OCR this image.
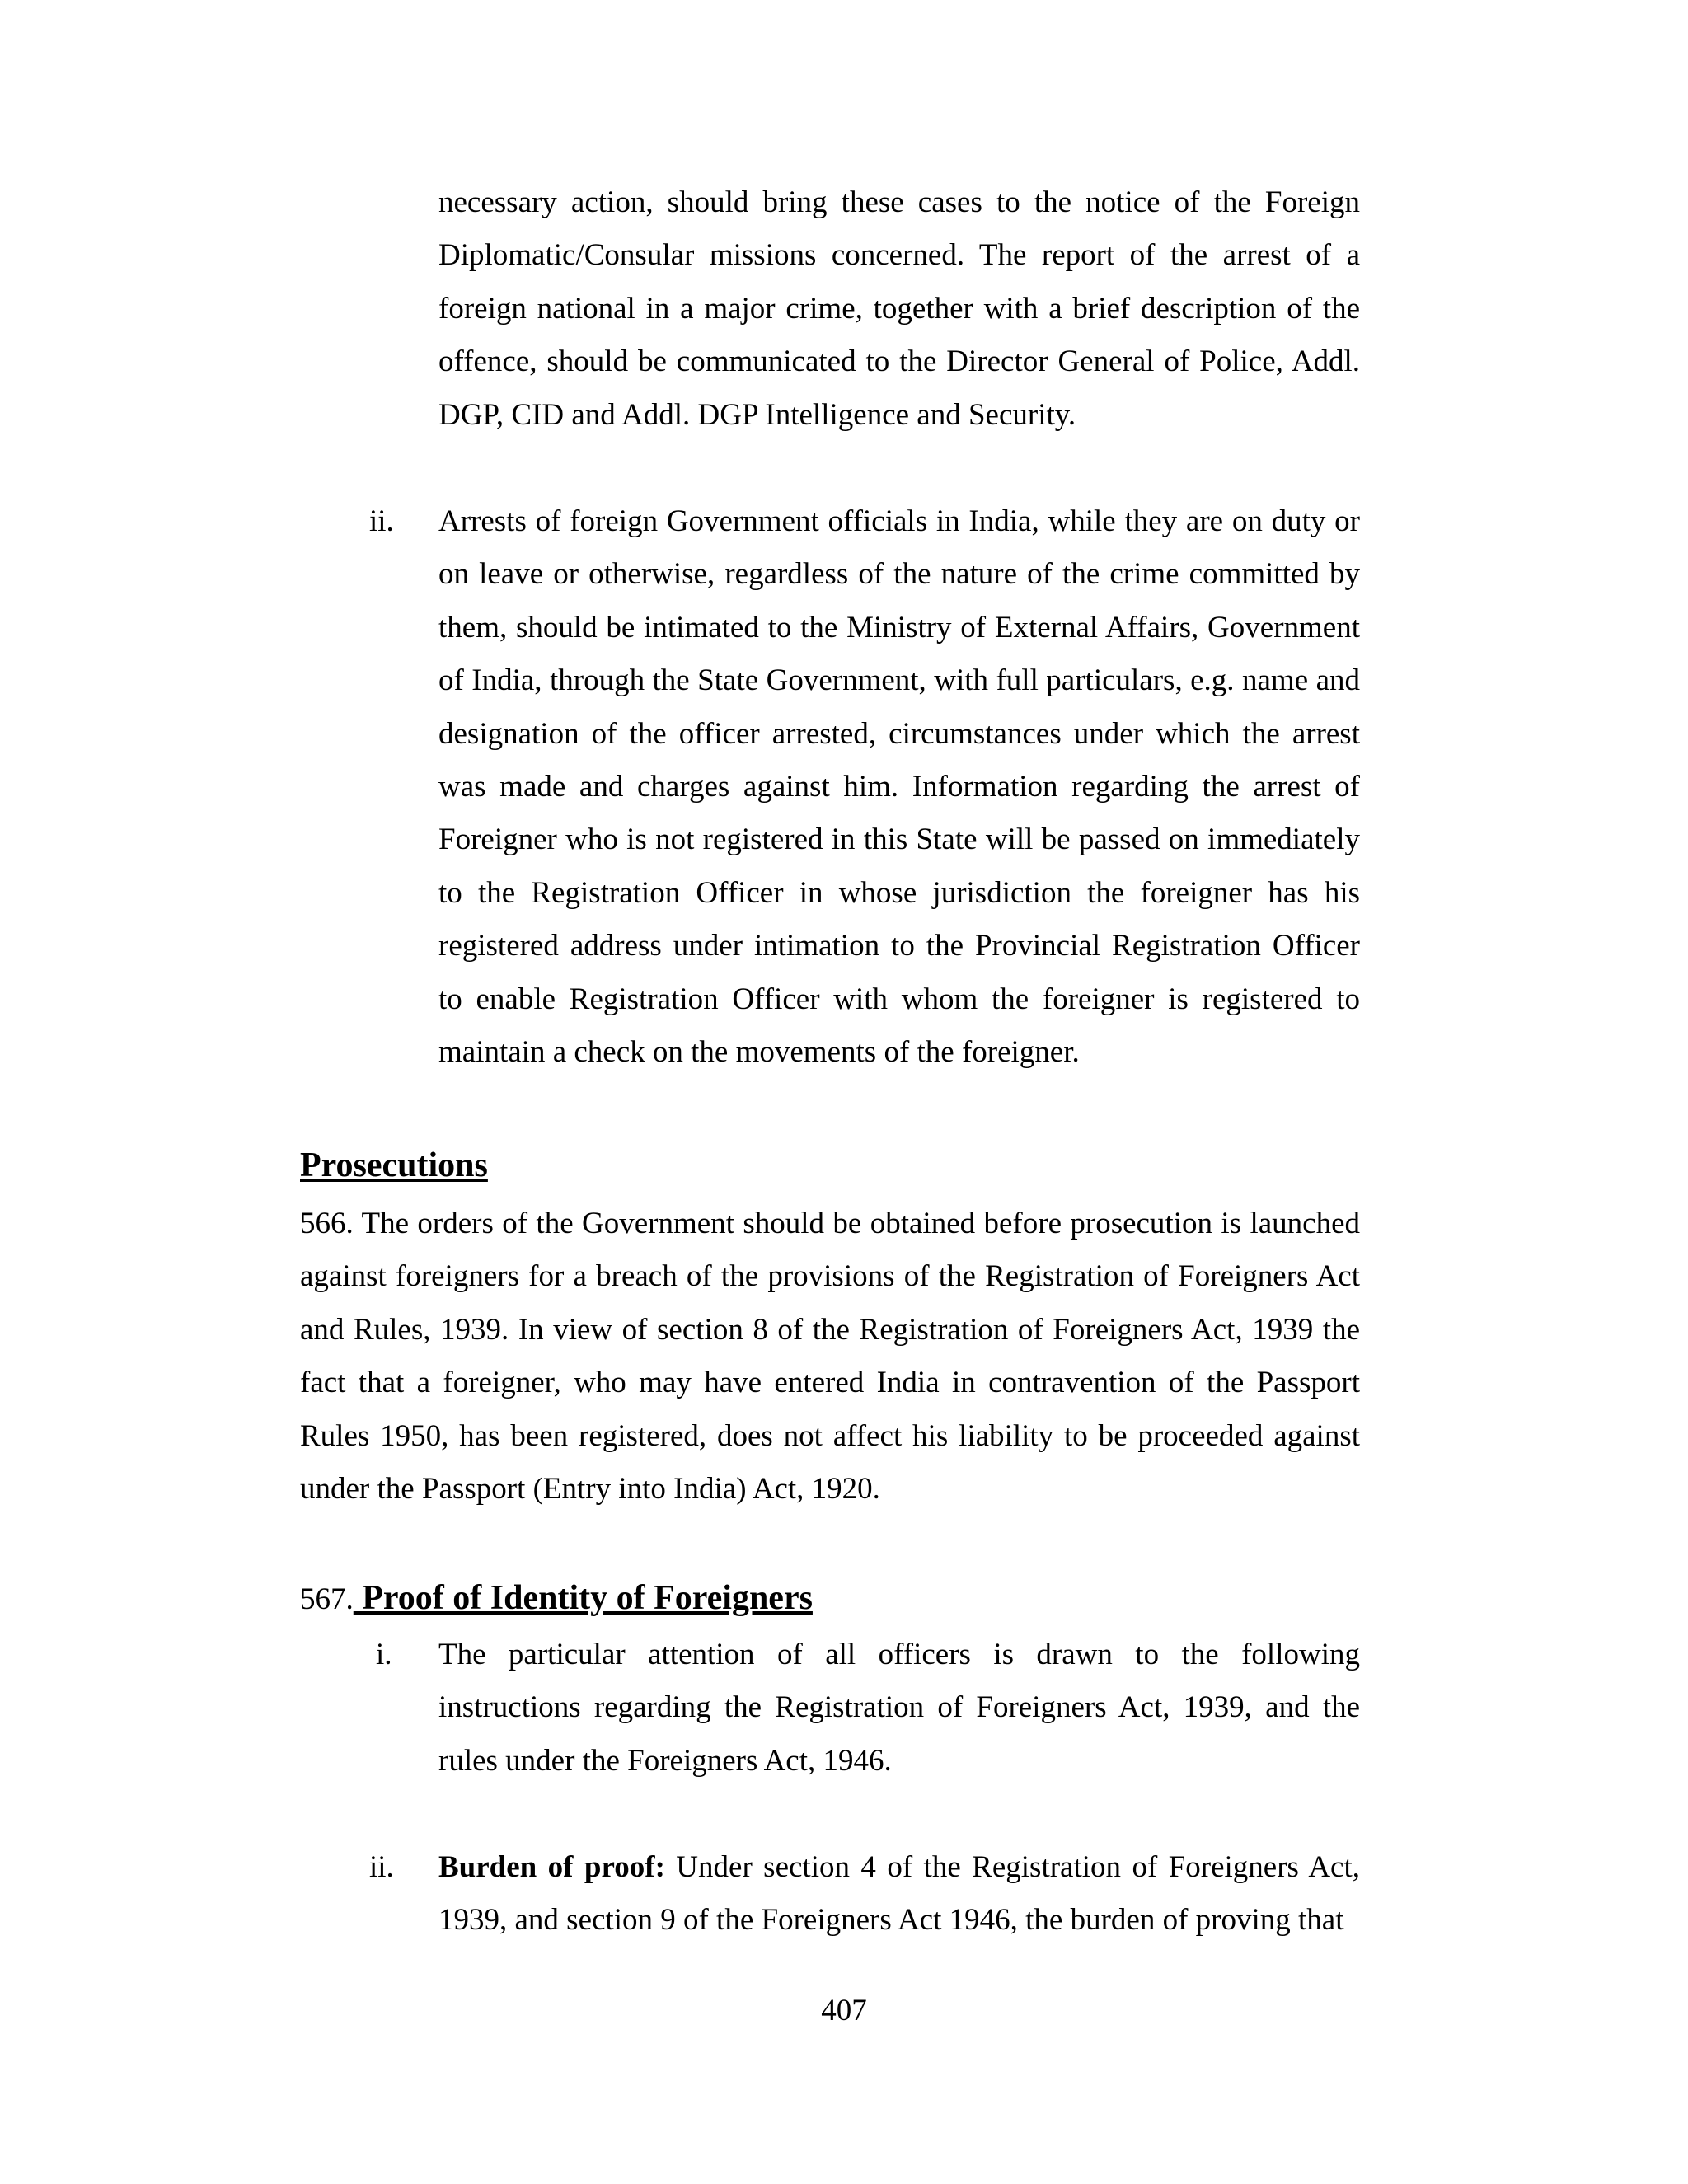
necessary action, should bring these cases to the notice of the Foreign Diplomatic/Consular missions concerned. The report of the arrest of a foreign national in a major crime, together with a brief description of the offence, should be communicated to the Director General of Police, Addl. DGP, CID and Addl. DGP Intelligence and Security.
ii. Arrests of foreign Government officials in India, while they are on duty or on leave or otherwise, regardless of the nature of the crime committed by them, should be intimated to the Ministry of External Affairs, Government of India, through the State Government, with full particulars, e.g. name and designation of the officer arrested, circumstances under which the arrest was made and charges against him. Information regarding the arrest of Foreigner who is not registered in this State will be passed on immediately to the Registration Officer in whose jurisdiction the foreigner has his registered address under intimation to the Provincial Registration Officer to enable Registration Officer with whom the foreigner is registered to maintain a check on the movements of the foreigner.
Prosecutions
566. The orders of the Government should be obtained before prosecution is launched against foreigners for a breach of the provisions of the Registration of Foreigners Act and Rules, 1939. In view of section 8 of the Registration of Foreigners Act, 1939 the fact that a foreigner, who may have entered India in contravention of the Passport Rules 1950, has been registered, does not affect his liability to be proceeded against under the Passport (Entry into India) Act, 1920.
567. Proof of Identity of Foreigners
i. The particular attention of all officers is drawn to the following instructions regarding the Registration of Foreigners Act, 1939, and the rules under the Foreigners Act, 1946.
ii. Burden of proof: Under section 4 of the Registration of Foreigners Act, 1939, and section 9 of the Foreigners Act 1946, the burden of proving that
407
